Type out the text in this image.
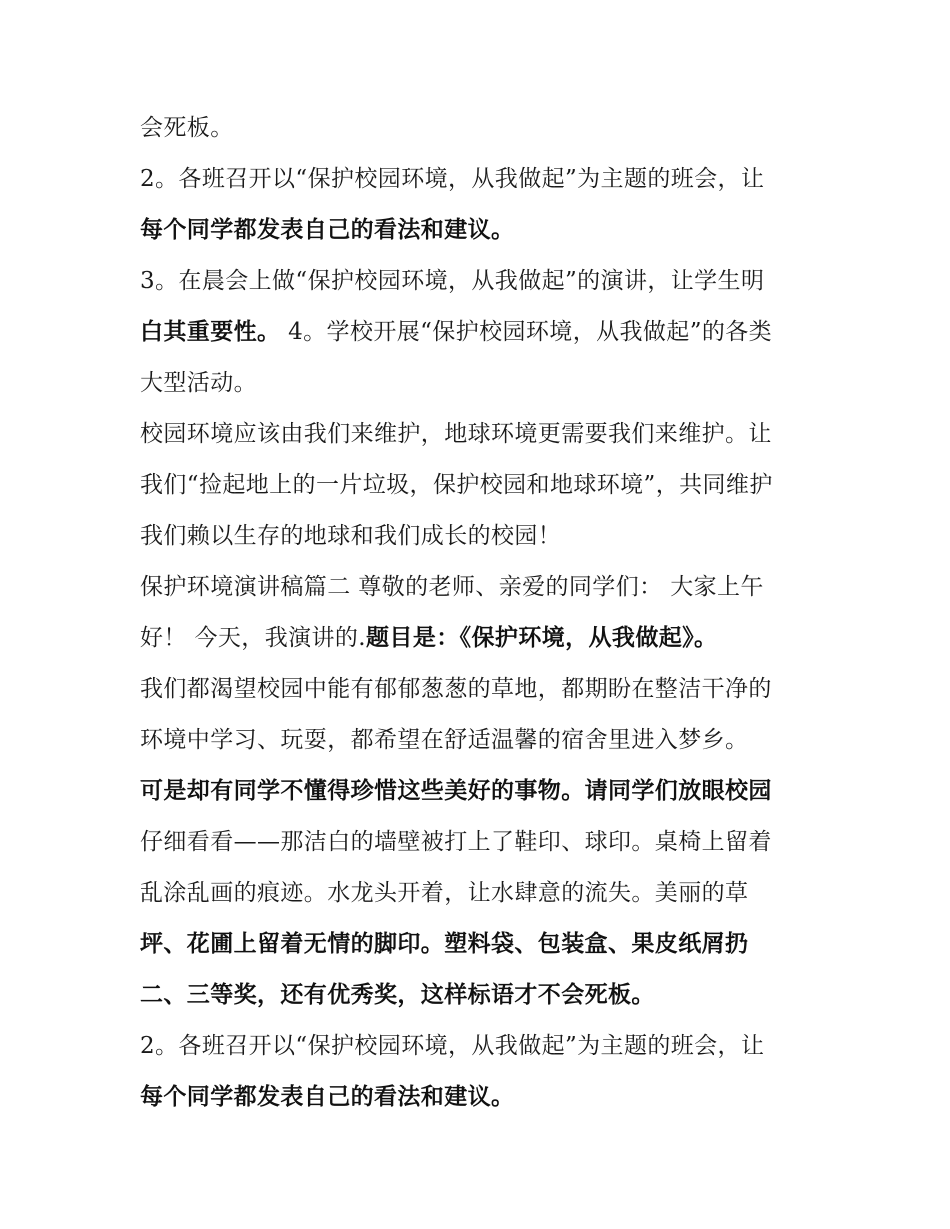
会死板。
2。各班召开以“保护校园环境，从我做起”为主题的班会，让
每个同学都发表自己的看法和建议。
3。在晨会上做“保护校园环境，从我做起”的演讲，让学生明
白其重要性。 4。学校开展“保护校园环境，从我做起”的各类
大型活动。
校园环境应该由我们来维护，地球环境更需要我们来维护。让
我们“捡起地上的一片垃圾，保护校园和地球环境”，共同维护
我们赖以生存的地球和我们成长的校园！
保护环境演讲稿篇二 尊敬的老师、亲爱的同学们： 大家上午
好！ 今天，我演讲的.题目是：《保护环境，从我做起》。
我们都渴望校园中能有郁郁葱葱的草地，都期盼在整洁干净的
环境中学习、玩耍，都希望在舒适温馨的宿舍里进入梦乡。
可是却有同学不懂得珍惜这些美好的事物。请同学们放眼校园
仔细看看——那洁白的墙壁被打上了鞋印、球印。桌椅上留着
乱涂乱画的痕迹。水龙头开着，让水肆意的流失。美丽的草
坪、花圃上留着无情的脚印。塑料袋、包装盒、果皮纸屑扔
二、三等奖，还有优秀奖，这样标语才不会死板。
2。各班召开以“保护校园环境，从我做起”为主题的班会，让
每个同学都发表自己的看法和建议。
